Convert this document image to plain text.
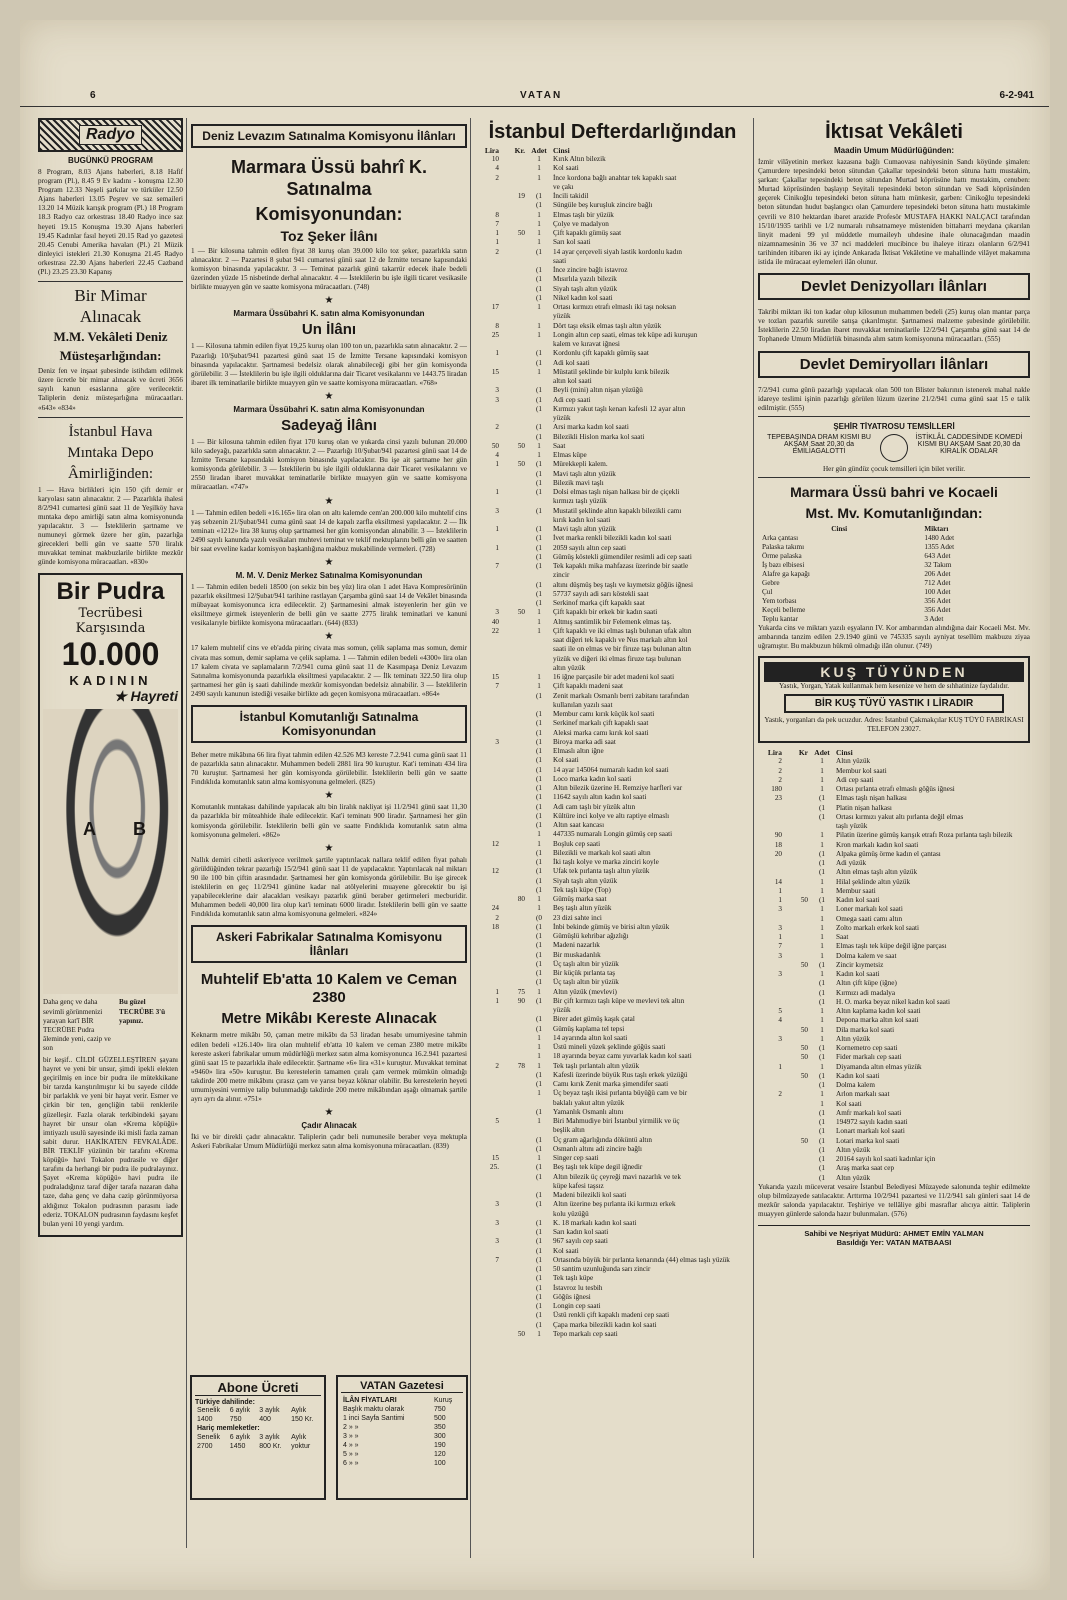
6	VATAN	6-2-941
Radyo
BUGÜNKÜ PROGRAM

8 Program, 8.03 Ajans haberleri, 8.18 Hafif program (Pl.), 8.45 9 Ev kadını - konuşma 12.30 Program 12.33 Neşeli şarkılar ve türküler 12.50 Ajans haberleri 13.05 Peşrev ve saz semaileri 13.20 14 Müzik karışık program (Pl.) 18 Program 18.3 Radyo caz orkestrası 18.40 Radyo ince saz heyeti 19.15 Konuşma 19.30 Ajans haberleri 19.45 Kadınlar fasıl heyeti 20.15 Rad yo gazetesi 20.45 Cenubi Amerika havaları (Pl.) 21 Müzik dinleyici istekleri 21.30 Konuşma 21.45 Radyo orkestrası 22.30 Ajans haberleri 22.45 Cazband (Pl.) 23.25 23.30 Kapanış

Bir Mimar
Alınacak
M.M. Vekâleti Deniz
Müsteşarlığından:

Deniz fen ve inşaat şubesinde istihdam edilmek üzere ücretle bir mimar alınacak ve ücreti 3656 sayılı kanun esaslarına göre verilecektir. Taliplerin deniz müsteşarlığına müracaatları. «643» «834»

İstanbul Hava
Mıntaka Depo
Âmirliğinden:

1 — Hava birlikleri için 150 çift demir er karyolası satın alınacaktır. 2 — Pazarlıkla ihalesi 8/2/941 cumartesi günü saat 11 de Yeşilköy hava mıntaka depo amirliği satın alma komisyonunda yapılacaktır. 3 — İsteklilerin şartname ve numuneyi görmek üzere her gün, pazarlığa girecekleri belli gün ve saatte 570 liralık muvakkat teminat makbuzlarile birlikte mezkûr günde komisyona müracaatları. «830»

Bir Pudra
Tecrübesi Karşısında
10.000
KADININ
★ Hayreti
A B

Daha genç ve daha sevimli görünmenizi yarayan kat'î BİR TECRÜBE Pudra âleminde yeni, cazip ve son

Bu güzel TECRÜBE 3'ü yapınız.

bir keşif.. CİLDİ GÜZELLEŞTİREN şayanı hayret ve yeni bir unsur, şimdi ipekli elekten geçirilmiş en ince bir pudra ile mütekkikane bir tarzda karıştırılmıştır ki bu sayede cildde bir parlaklık ve yeni bir hayat verir. Esmer ve çirkin bir ten, gençliğin tabii renklerile güzelleşir. Fazla olarak terkibindeki şayanı hayret bir unsur olan «Krema köpüğü» imtiyazlı usulü sayesinde iki misli fazla zaman sabit durur. HAKİKATEN FEVKALÂDE. BİR TEKLİF yüzünün bir tarafını «Krema köpüğü» havi Tokalon pudrasile ve diğer tarafını da herhangi bir pudra ile pudralayınız. Şayet «Krema köpüğü» havi pudra ile pudraladığınız taraf diğer tarafa nazaran daha taze, daha genç ve daha cazip görünmüyorsa aldığınız Tokalon pudrasının parasını iade ederiz. TOKALON pudrasının faydasını keşfet bulan yeni 10 yengi yardım.

Deniz Levazım Satınalma Komisyonu İlânları
Marmara Üssü bahrî K. Satınalma
Komisyonundan:
Toz Şeker İlânı

1 — Bir kilosuna tahmin edilen fiyat 38 kuruş olan 39.000 kilo toz şeker, pazarlıkla satın alınacaktır. 2 — Pazartesi 8 şubat 941 cumartesi günü saat 12 de İzmitte tersane kapısındaki komisyon binasında yapılacaktır. 3 — Teminat pazarlık günü takarrür edecek ihale bedeli üzerinden yüzde 15 nisbetinde derhal alınacaktır. 4 — İsteklilerin bu işle ilgili ticaret vesikasile birlikte muayyen gün ve saatte komisyona müracaatları. (748)

★
Marmara Üssübahri K. satın alma Komisyonundan
Un İlânı

1 — Kilosuna tahmin edilen fiyat 19,25 kuruş olan 100 ton un, pazarlıkla satın alınacaktır. 2 — Pazarlığı 10/Şubat/941 pazartesi günü saat 15 de İzmitte Tersane kapısındaki komisyon binasında yapılacaktır. Şartnamesi bedelsiz olarak alınabileceği gibi her gün komisyonda görülebilir. 3 — İsteklilerin bu işle ilgili olduklarına dair Ticaret vesikalarını ve 1443.75 liradan ibaret ilk teminatlarile birlikte muayyen gün ve saatte komisyona müracaatları. «768»

★
Marmara Üssübahri K. satın alma Komisyonundan
Sadeyağ İlânı

1 — Bir kilosuna tahmin edilen fiyat 170 kuruş olan ve yukarda cinsi yazılı bulunan 20.000 kilo sadeyağı, pazarlıkla satın alınacaktır. 2 — Pazarlığı 10/Şubat/941 pazartesi günü saat 14 de İzmitte Tersane kapısındaki komisyon binasında yapılacaktır. Bu işe ait şartname her gün komisyonda görülebilir. 3 — İsteklilerin bu işle ilgili olduklarına dair Ticaret vesikalarını ve 2550 liradan ibaret muvakkat teminatlarile birlikte muayyen gün ve saatte komisyona müracaatları. «747»

★

1 — Tahmin edilen bedeli «16.165» lira olan on altı kalemde cem'an 200.000 kilo muhtelif cins yaş sebzenin 21/Şubat/941 cuma günü saat 14 de kapalı zarfla eksiltmesi yapılacaktır. 2 — İlk teminatı «1212» lira 38 kuruş olup şartnamesi her gün komisyondan alınabilir. 3 — İsteklilerin 2490 sayılı kanunda yazılı vesikaları muhtevi teminat ve teklif mektuplarını belli gün ve saatten bir saat evveline kadar komisyon başkanlığına makbuz mukabilinde vermeleri. (728)

★
M. M. V. Deniz Merkez Satınalma Komisyonundan

1 — Tahmin edilen bedeli 18500 (on sekiz bin beş yüz) lira olan 1 adet Hava Kompresörünün pazarlık eksiltmesi 12/Şubat/941 tarihine rastlayan Çarşamba günü saat 14 de Vekâlet binasında mübayaat komisyonunca icra edilecektir. 2) Şartnamesini almak isteyenlerin her gün ve eksiltmeye girmek isteyenlerin de belli gün ve saatte 2775 liralık teminatlari ve kanuni vesikalarıyle birlikte komisyona müracaatları. (644) (833)

★

17 kalem muhtelif cins ve eb'adda pirinç civata mas somun, çelik saplama mas somun, demir civata mas somun, demir saplama ve çelik saplama. 1 — Tahmin edilen bedeli «4300» lira olan 17 kalem civata ve saplamaların 7/2/941 cuma günü saat 11 de Kasımpaşa Deniz Levazım Satınalma komisyonunda pazarlıkla eksiltmesi yapılacaktır. 2 — İlk teminatı 322.50 lira olup şartnamesi her gün iş saati dahilinde mezkûr komisyondan bedelsiz alınabilir. 3 — İsteklilerin 2490 sayılı kanunun istediği vesaike birlikte adı geçen komisyona müracaatları. «864»

İstanbul Komutanlığı Satınalma Komisyonundan

Beher metre mikâbına 66 lira fiyat tahmin edilen 42.526 M3 kereste 7.2.941 cuma günü saat 11 de pazarlıkla satın alınacaktır. Muhammen bedeli 2881 lira 90 kuruştur. Kat'i teminatı 434 lira 70 kuruştur. Şartnamesi her gün komisyonda görülebilir. İsteklilerin belli gün ve saatte Fındıklıda komutanlık satın alma komisyonuna gelmeleri. (825)

★

Komutanlık mıntakası dahilinde yapılacak altı bin liralık nakliyat işi 11/2/941 günü saat 11,30 da pazarlıkla bir müteahhide ihale edilecektir. Kat'i teminatı 900 liradır. Şartnamesi her gün komisyonda görülebilir. İsteklilerin belli gün ve saatte Fındıklıda komutanlık satın alma komisyonuna gelmeleri. «862»

★

Nallık demiri cihetli askeriyece verilmek şartile yaptırılacak nallara teklif edilen fiyat pahalı görüldüğünden tekrar pazarlığı 15/2/941 günü saat 11 de yapılacaktır. Yaptırılacak nal miktarı 90 ile 100 bin çiftin arasındadır. Şartnamesi her gün komisyonda görülebilir. Bu işe girecek isteklilerin en geç 11/2/941 gününe kadar nal atölyelerini muayene görecektir bu işi yapabileceklerine dair alacakları vesikayı pazarlık günü beraber getirmeleri mecburidir. Muhammen bedeli 40,000 lira olup kat'i teminatı 6000 liradır. İsteklilerin belli gün ve saatte Fındıklıda komutanlık satın alma komisyonuna gelmeleri. «824»

Askeri Fabrikalar Satınalma Komisyonu İlânları
Muhtelif Eb'atta 10 Kalem ve Ceman 2380
Metre Mikâbı Kereste Alınacak

Keknarm metre mikâbı 50, çaman metre mikâbı da 53 liradan hesabı umumiyesine tahmin edilen bedeli «126.140» lira olan muhtelif eb'atta 10 kalem ve ceman 2380 metre mikâbı kereste askeri fabrikalar umum müdürlüğü merkez satın alma komisyonunca 16.2.941 pazartesi günü saat 15 te pazarlıkla ihale edilecektir. Şartname «6» lira «31» kuruştur. Muvakkat teminat «9460» lira «50» kuruştur. Bu kerestelerin tamamen çıralı çam vermek mümkün olmadığı takdirde 200 metre mikâbını çırasız çam ve yarısı beyaz köknar olabilir. Bu kerestelerin heyeti umumiyesini vermiye talip bulunmadığı takdirde 200 metre mikâbından aşağı olmamak şartile ayrı ayrı da alınır. «751»

★
Çadır Alınacak

İki ve bir direkli çadır alınacaktır. Taliplerin çadır beli numunesile beraber veya mektupla Askeri Fabrikalar Umum Müdürlüğü merkez satın alma komisyonuna müracaatları. (839)

Abone Ücreti
Türkiye dahilinde:
Senelik	6 aylık	3 aylık	Aylık
1400	750	400	150 Kr.
Hariç memleketler:			
Senelik	6 aylık	3 aylık	Aylık
2700	1450	800 Kr.	yoktur
VATAN Gazetesi
İLÂN FİYATLARI	Kuruş
Başlık maktu olarak	750
1 inci Sayfa Santimi	500
2 » »	350
3 » »	300
4 » »	190
5 » »	120
6 » »	100
İstanbul Defterdarlığından
Lira	Kr.	Adet	Cinsi
10		1	Kırık Altın bilezik
4		1	Kol saati
2		1	İnce kordona bağlı anahtar tek kapaklı saat
			ve çakı
	19	(1	İncili takidil
		(1	Süngüle beş kuruşluk zincire bağlı
8		1	Elmas taşlı bir yüzük
7		1	Çolye ve madalyon
1	50	1	Çift kapaklı gümüş saat
1		1	Sarı kol saati
2		(1	14 ayar çerçeveli siyah lastik kordonlu kadın
			saati
		(1	İnce zincire bağlı istavroz
		(1	Mısırlıla yazılı bilezik
		(1	Siyah taşlı altın yüzük
		(1	Nikel kadın kol saati
17		1	Ortası kırmızı etrafı elmaslı iki taşı noksan
			yüzük
8		1	Dört taşı eksik elmas taşlı altın yüzük
25		1	Longin altın cep saati, elmas tek küpe adi kuruşun
			kalem ve kıravat iğnesi
1		(1	Kordonlu çift kapaklı gümüş saat
		(1	Adi kol saati
15		1	Müstatil şeklinde bir kulplu kırık bilezik
			altın kol saati
3		(1	Beyli (mini) altın nişan yüzüğü
3		(1	Adi cep saati
		(1	Kırmızı yakut taşlı kenarı kafesli 12 ayar altın
			yüzük
2		(1	Arsi marka kadın kol saati
		(1	Bilezikli Hislon marka kol saati
50	50	1	Saat
4		1	Elmas küpe
1	50	(1	Mürekkepli kalem.
		(1	Mavi taşlı altın yüzük
		(1	Bilezik mavi taşlı
1		(1	Dolsi elmas taşlı nişan halkası bir de çiçekli
			kırmızı taşlı yüzük
3		(1	Mustatil şeklinde altın kapaklı bilezikli camı
			kırık kadın kol saati
1		(1	Mavi taşlı altın yüzük
		(1	İvet marka renkli bilezikli kadın kol saati
1		(1	2059 sayılı altın cep saati
		(1	Gümüş köstekli gümendiler resimli adi cep saati
7		(1	Tek kapaklı mika mahfazası üzerinde bir saatle
			zincir
		(1	altını düşmüş beş taşlı ve kıymetsiz göğüs iğnesi
		(1	57737 sayılı adi sarı köstekli saat
		(1	Serkinof marka çift kapaklı saat
3	50	1	Çift kapaklı bir erkek bir kadın saati
40		1	Altmış santimlik bir Felemenk elmas taş.
22		1	Çift kapaklı ve iki elmas taşlı bulunan ufak altın
			saat diğeri tek kapaklı ve Nus markalı altın kol
			saati ile on elmas ve bir firuze taşı bulunan altın
			yüzük ve diğeri iki elmas firuze taşı bulunan
			altın yüzük
15		1	16 iğne parçasile bir adet madeni kol saati
7		1	Çift kapaklı madeni saat
		(1	Zenit markalı Osmanlı berri zabitanı tarafından
			kullanılan yazılı saat
		(1	Membur camı kırık küçük kol saati
		(1	Serkinef markalı çift kapaklı saat
		(1	Aleksi marka camı kırık kol saati
3		(1	Biroya marka adi saat
		(1	Elmaslı altın iğne
		(1	Kol saati
		(1	14 ayar 145064 numaralı kadın kol saati
		(1	Loco marka kadın kol saati
		(1	Altın bilezik üzerine H. Remziye harfleri var
		(1	11642 sayılı altın kadın kol saati
		(1	Adi cam taşlı bir yüzük altın
		(1	Kültüre inci kolye ve altı raptiye elmaslı
		(1	Altın saat kancası
		1	447335 numaralı Longin gümüş cep saati
12		1	Boşluk cep saati
		(1	Bilezikli ve markalı kol saati altın
		(1	İki taşlı kolye ve marka zinciri koyle
12		(1	Ufak tek pırlanta taşlı altın yüzük
		(1	Siyah taşlı altın yüzük
		(1	Tek taşlı küpe (Top)
	80	1	Gümüş marka saat
24		1	Beş taşlı altın yüzük
2		(0	23 dizi sahte inci
18		(1	İnbi bekinde gümüş ve birisi altın yüzük
		(1	Gümüşlü kehribar ağızlığı
		(1	Madeni nazarlık
		(1	Bir muskadanlık
		(1	Üç taşlı altın bir yüzük
		(1	Bir küçük pırlanta taş
		(1	Üç taşlı altın bir yüzük
1	75	1	Altın yüzük (mevlevi)
1	90	(1	Bir çift kırmızı taşlı küpe ve mevlevi tek altın
			yüzük
		(1	Birer adet gümüş kaşık çatal
		(1	Gümüş kaplama tel tepsi
		1	14 ayarında altın kol saati
		1	Üstü mineli yüzek şeklinde göğüs saati
		1	18 ayarında beyaz camı yuvarlak kadın kol saati
2	78	1	Tek taşlı pırlantalı altın yüzük
		(1	Kafesli üzerinde büyük Rus taşlı erkek yüzüğü
		(1	Camı kırık Zenit marka şimendifer saati
		1	Üç beyaz taşlı ikisi pırlanta büyüğü cam ve bir
			baklalı yakut altın yüzük
		(1	Yamanlık Osmanlı altını
5		1	Biri Mahmudiye biri İstanbul yirmilik ve üç
			beşlik altın
		(1	Üç gram ağarlığında döküntü altın
		(1	Osmanlı altını adi zincire bağlı
15		1	Singer cep saati
25.		(1	Beş taşlı tek küpe degil iğnedir
		(1	Altın bilezik üç çeyreği mavi nazarlık ve tek
			küpe kafesi taşsız
		(1	Madeni bilezikli kol saati
3		(1	Altın üzerine beş pırlanta iki kırmızı erkek
			kolu yüzüğü
3		(1	K. 18 markalı kadın kol saati
		(1	Sarı kadın kol saati
3		(1	967 sayılı cep saati
		(1	Kol saati
7		(1	Ortasında büyük bir pırlanta kenarında (44) elmas taşlı yüzük
		(1	50 santim uzunluğunda sarı zincir
		(1	Tek taşlı küpe
		(1	İstavroz lu tesbih
		(1	Göğüs iğnesi
		(1	Longin cep saati
		(1	Üstü renkli çift kapaklı madeni cep saati
		(1	Çapa marka bilezikli kadın kol saati
	50	1	Tepo markalı cep saati
İktısat Vekâleti
Maadin Umum Müdürlüğünden:

İzmir vilâyetinin merkez kazasına bağlı Cumaovası nahiyesinin Sandı köyünde şimalen: Çamurdere tepesindeki beton sütundan Çakallar tepesindeki beton sütuna hattı mustakim, şarkan: Çakallar tepesindeki beton sütundan Murtad köprüsüne hattı mustakim, cenuben: Murtad köprüsünden başlayıp Seyitali tepesindeki beton sütundan ve Sadi köprüsünden geçerek Cinikoğlu tepesindeki beton sütuna hattı münkesir, garben: Cinikoğlu tepesindeki beton sütundan hudut başlangıcı olan Çamurdere tepesindeki beton sütuna hattı mustakimle çevrili ve 810 hektardan ibaret arazide Profesör MUSTAFA HAKKI NALÇACI tarafından 15/10/1935 tarihli ve 1/2 numaralı ruhsatnameye müsteniden bittaharri meydana çıkarılan linyit madeni 99 yıl müddetle mumaileyh uhdesine ihale olunacağından maadin nizamnamesinin 36 ve 37 nci maddeleri mucibince bu ihaleye itirazı olanların 6/2/941 tarihinden itibaren iki ay içinde Ankarada İktisat Vekâletine ve mahallinde vilâyet makamına istida ile müracaat eylemeleri ilân olunur.

Devlet Denizyolları İlânları

Takribi miktarı iki ton kadar olup kilosunun muhammen bedeli (25) kuruş olan mantar parça ve tozları pazarlık suretile satışa çıkarılmıştır. Şartnamesi malzeme şubesinde görülebilir. İsteklilerin 22.50 liradan ibaret muvakkat teminatlarile 12/2/941 Çarşamba günü saat 14 de Tophanede Umum Müdürlük binasında alım satım komisyonuna müracaatları. (555)

Devlet Demiryolları İlânları

7/2/941 cuma günü pazarlığı yapılacak olan 500 ton Blister bakırının istenerek mahal nakle idareye teslimi işinin pazarlığı görülen lüzum üzerine 21/2/941 cuma günü saat 15 e talik edilmiştir. (555)

ŞEHİR TİYATROSU TEMSİLLERİ
TEPEBAŞINDA DRAM KISMI BU AKŞAM Saat 20,30 da EMİLİAGALOTTİ
İSTİKLÂL CADDESİNDE KOMEDİ KISMI BU AKŞAM Saat 20,30 da KİRALIK ODALAR

Her gün gündüz çocuk temsilleri için bilet verilir.

Marmara Üssü bahri ve Kocaeli
Mst. Mv. Komutanlığından:
Cinsi	Miktarı
Arka çantası	1480 Adet
Palaska takımı	1355 Adet
Örme palaska	643 Adet
İş bazı elbisesi	32 Takım
Alafre ga kapağı	206 Adet
Gebre	712 Adet
Çul	100 Adet
Yem torbası	356 Adet
Keçeli belleme	356 Adet
Teplu kantar	3 Adet

Yukarda cins ve miktarı yazılı eşyaların IV. Kor ambarından alındığına dair Kocaeli Mst. Mv. ambarında tanzim edilen 2.9.1940 günü ve 745335 sayılı ayniyat tesellüm makbuzu ziyaa uğramıştır. Bu makbuzun hükmü olmadığı ilân olunur. (749)

KUŞ TÜYÜNDEN

Yastık, Yorgan, Yatak kullanmak hem kesenize ve hem de sıhhatinize faydalıdır.

BİR KUŞ TÜYÜ YASTIK I LİRADIR

Yastık, yorganları da pek ucuzdur. Adres: İstanbul Çakmakçılar KUŞ TÜYÜ FABRİKASI TELEFON 23027.

Lira	Kr	Adet	Cinsi
2		1	Altın yüzük
2		1	Membur kol saati
2		1	Adi cep saati
180		1	Ortası pırlanta etrafı elmaslı göğüs iğnesi
23		(1	Elmas taşlı nişan halkası
		(1	Platin nişan halkası
		(1	Ortası kırmızı yakut altı pırlanta değil elmas
			taşlı yüzük
90		1	Pilatin üzerine gümüş karışık etrafı Roza pırlanta taşlı bilezik
18		1	Kron markalı kadın kol saati
20		(1	Alpaka gümüş örme kadın el çantası
		(1	Adi yüzük
		(1	Altın elmas taşlı altın yüzük
14		1	Hilal şeklinde altın yüzük
1		1	Membur saati
1	50	(1	Kadın kol saati
3		1	Loner markalı kol saati
		1	Omega saati camı altın
3		1	Zolto markalı erkek kol saati
1		1	Saat
7		1	Elmas taşlı tek küpe değil iğne parçası
3		1	Dolma kalem ve saat
	50	(1	Zincir kıymetsiz
3		1	Kadın kol saati
		(1	Altın çift küpe (iğne)
		(1	Kırmızı adi madalya
		(1	H. O. marka beyaz nikel kadın kol saati
5		1	Altın kaplama kadın kol saati
4		1	Depona marka altın kol saati
	50	1	Dila marka kol saati
3		1	Altın yüzük
	50	(1	Kornemetro cep saati
	50	(1	Fider markalı cep saati
1		1	Diyamanda altın elmas yüzük
	50	(1	Kadın kol saati
		(1	Dolma kalem
2		1	Arlon markalı saat
		1	Kol saati
		(1	Amfr markalı kol saati
		(1	194972 sayılı kadın saati
		(1	Lonart markalı kol saati
	50	(1	Lotari marka kol saati
		(1	Altın yüzük
		(1	20164 sayılı kol saati kadınlar için
		(1	Araş marka saat cep
		(1	Altın yüzük

Yukarıda yazılı müceverat vesaire İstanbul Belediyesi Müzayede salonunda teşhir edilmekte olup bilmüzayede satılacaktır. Arttırma 10/2/941 pazartesi ve 11/2/941 salı günleri saat 14 de mezkûr salonda yapılacaktır. Teşhiriye ve tellâliye gibi masraflar alıcıya aittir. Taliplerin muayyen günlerde salonda hazır bulunmaları. (576)

Sahibi ve Neşriyat Müdürü: AHMET EMİN YALMAN
Basıldığı Yer: VATAN MATBAASI
